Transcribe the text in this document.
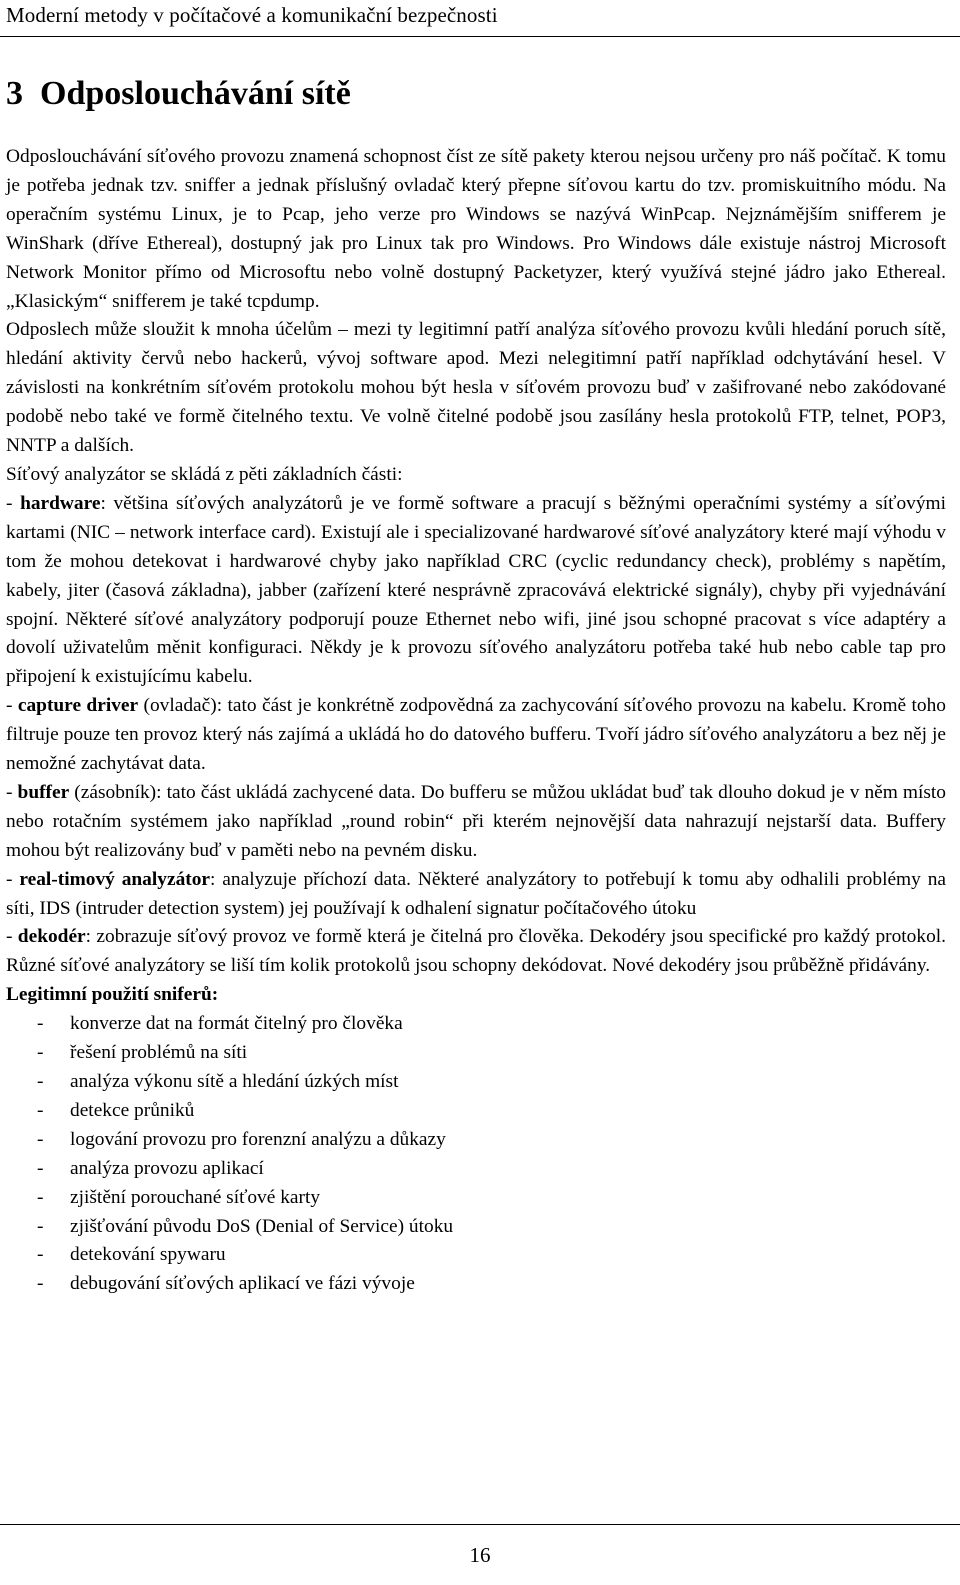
Moderní metody v počítačové a komunikační bezpečnosti
3 Odposlouchávání sítě

Odposlouchávání síťového provozu znamená schopnost číst ze sítě pakety kterou nejsou určeny pro náš počítač. K tomu je potřeba jednak tzv. sniffer a jednak příslušný ovladač který přepne síťovou kartu do tzv. promiskuitního módu. Na operačním systému Linux, je to Pcap, jeho verze pro Windows se nazývá WinPcap. Nejznámějším snifferem je WinShark (dříve Ethereal), dostupný jak pro Linux tak pro Windows. Pro Windows dále existuje nástroj Microsoft Network Monitor přímo od Microsoftu nebo volně dostupný Packetyzer, který využívá stejné jádro jako Ethereal. „Klasickým“ snifferem je také tcpdump.

Odposlech může sloužit k mnoha účelům – mezi ty legitimní patří analýza síťového provozu kvůli hledání poruch sítě, hledání aktivity červů nebo hackerů, vývoj software apod. Mezi nelegitimní patří například odchytávání hesel. V závislosti na konkrétním síťovém protokolu mohou být hesla v síťovém provozu buď v zašifrované nebo zakódované podobě nebo také ve formě čitelného textu. Ve volně čitelné podobě jsou zasílány hesla protokolů FTP, telnet, POP3, NNTP a dalších.

Síťový analyzátor se skládá z pěti základních části:

- hardware: většina síťových analyzátorů je ve formě software a pracují s běžnými operačními systémy a síťovými kartami (NIC – network interface card). Existují ale i specializované hardwarové síťové analyzátory které mají výhodu v tom že mohou detekovat i hardwarové chyby jako například CRC (cyclic redundancy check), problémy s napětím, kabely, jiter (časová základna), jabber (zařízení které nesprávně zpracovává elektrické signály), chyby při vyjednávání spojní. Některé síťové analyzátory podporují pouze Ethernet nebo wifi, jiné jsou schopné pracovat s více adaptéry a dovolí uživatelům měnit konfiguraci. Někdy je k provozu síťového analyzátoru potřeba také hub nebo cable tap pro připojení k existujícímu kabelu.

- capture driver (ovladač): tato část je konkrétně zodpovědná za zachycování síťového provozu na kabelu. Kromě toho filtruje pouze ten provoz který nás zajímá a ukládá ho do datového bufferu. Tvoří jádro síťového analyzátoru a bez něj je nemožné zachytávat data.

- buffer (zásobník): tato část ukládá zachycené data. Do bufferu se můžou ukládat buď tak dlouho dokud je v něm místo nebo rotačním systémem jako například „round robin“ při kterém nejnovější data nahrazují nejstarší data. Buffery mohou být realizovány buď v paměti nebo na pevném disku.

- real-timový analyzátor: analyzuje příchozí data. Některé analyzátory to potřebují k tomu aby odhalili problémy na síti, IDS (intruder detection system) jej používají k odhalení signatur počítačového útoku

- dekodér: zobrazuje síťový provoz ve formě která je čitelná pro člověka. Dekodéry jsou specifické pro každý protokol. Různé síťové analyzátory se liší tím kolik protokolů jsou schopny dekódovat. Nové dekodéry jsou průběžně přidávány.

Legitimní použití sniferů:

-	konverze dat na formát čitelný pro člověka
-	řešení problémů na síti
-	analýza výkonu sítě a hledání úzkých míst
-	detekce průniků
-	logování provozu pro forenzní analýzu a důkazy
-	analýza provozu aplikací
-	zjištění porouchané síťové karty
-	zjišťování původu DoS (Denial of Service) útoku
-	detekování spywaru
-	debugování síťových aplikací ve fázi vývoje
16
